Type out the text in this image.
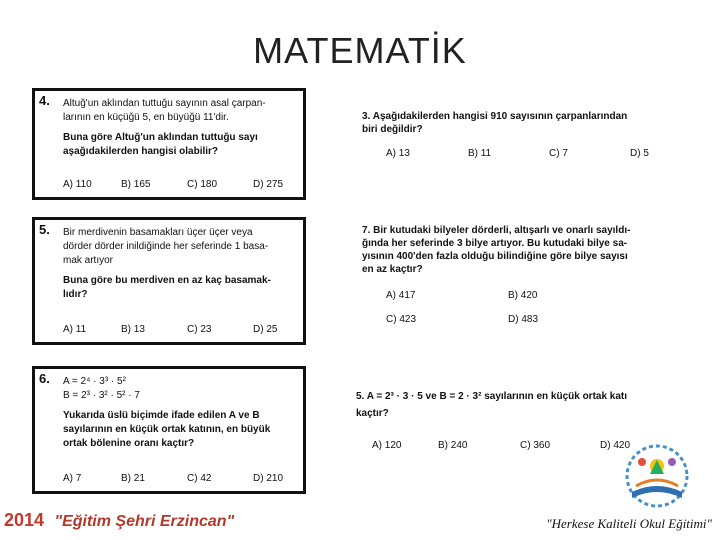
MATEMATİK
4. Altuğ'un aklından tuttuğu sayının asal çarpan-
larının en küçüğü 5, en büyüğü 11'dir.
Buna göre Altuğ'un aklından tuttuğu sayı
aşağıdakilerden hangisi olabilir?
A) 110	B) 165	C) 180	D) 275
5. Bir merdivenin basamakları üçer üçer veya
dörder dörder inildiğinde her seferinde 1 basa-
mak artıyor
Buna göre bu merdiven en az kaç basamak-
lıdır?
A) 11	B) 13	C) 23	D) 25
6. A = 2⁴ · 3³ · 5²
B = 2³ · 3² · 5² · 7
Yukarıda üslü biçimde ifade edilen A ve B
sayılarının en küçük ortak katının, en büyük
ortak bölenine oranı kaçtır?
A) 7	B) 21	C) 42	D) 210
3. Aşağıdakilerden hangisi 910 sayısının çarpanlarından
biri değildir?
A) 13	B) 11	C) 7	D) 5
7. Bir kutudaki bilyeler dörderli, altışarlı ve onarlı sayıldı-
ğında her seferinde 3 bilye artıyor. Bu kutudaki bilye sa-
yısının 400'den fazla olduğu bilindiğine göre bilye sayısı
en az kaçtır?
A) 417	B) 420
C) 423	D) 483
5. A = 2³ · 3 · 5 ve B = 2 · 3² sayılarının en küçük ortak katı
kaçtır?
A) 120	B) 240	C) 360	D) 420
2014 "Eğitim Şehri Erzincan"	"Herkese Kaliteli Okul Eğitimi"
